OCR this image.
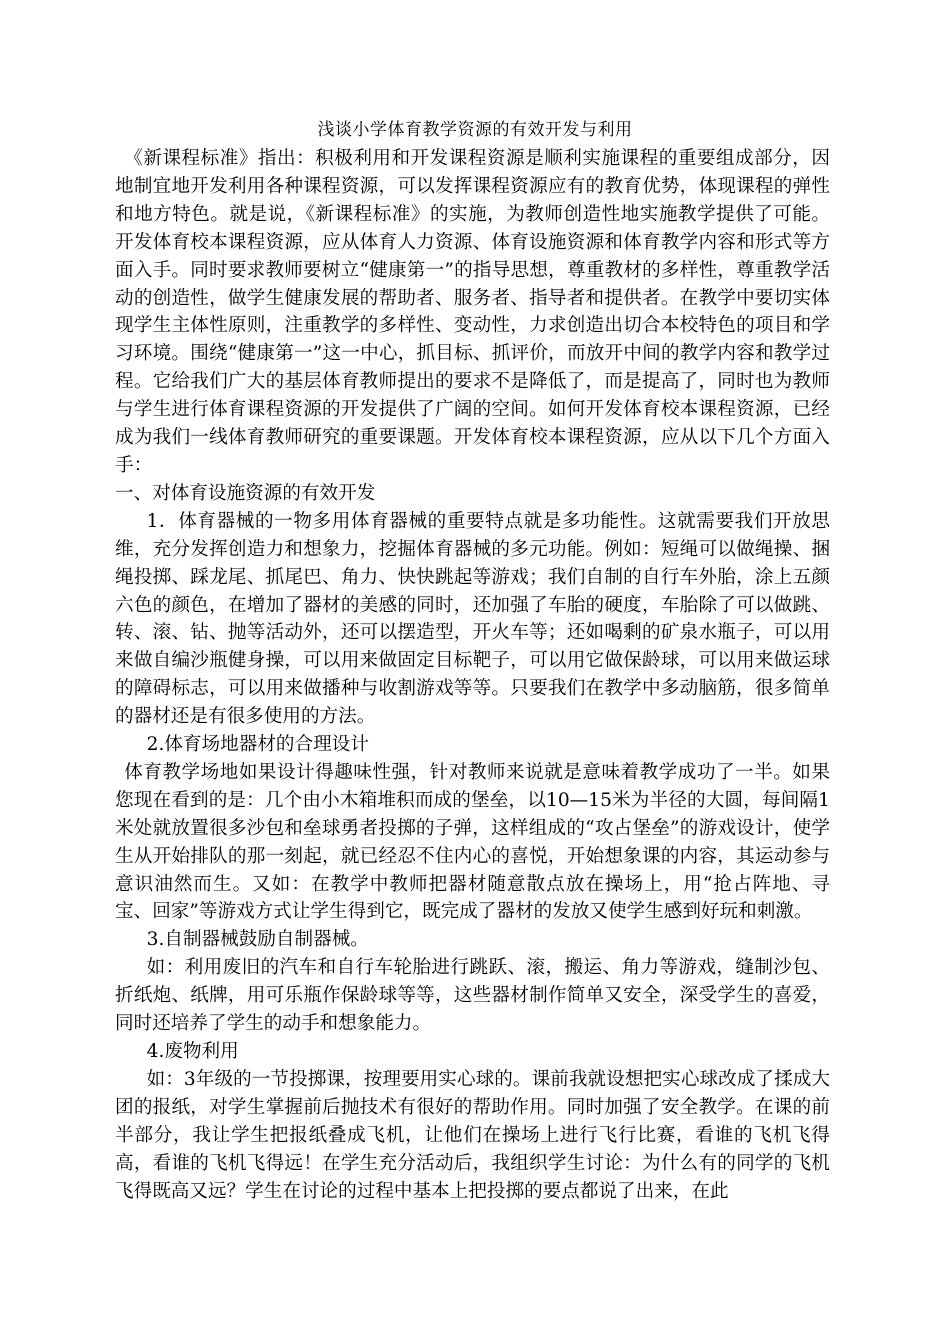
浅谈小学体育教学资源的有效开发与利用

《新课程标准》指出：积极利用和开发课程资源是顺利实施课程的重要组成部分，因地制宜地开发利用各种课程资源，可以发挥课程资源应有的教育优势，体现课程的弹性和地方特色。就是说，《新课程标准》的实施，为教师创造性地实施教学提供了可能。开发体育校本课程资源，应从体育人力资源、体育设施资源和体育教学内容和形式等方面入手。同时要求教师要树立“健康第一”的指导思想，尊重教材的多样性，尊重教学活动的创造性，做学生健康发展的帮助者、服务者、指导者和提供者。在教学中要切实体现学生主体性原则，注重教学的多样性、变动性，力求创造出切合本校特色的项目和学习环境。围绕“健康第一”这一中心，抓目标、抓评价，而放开中间的教学内容和教学过程。它给我们广大的基层体育教师提出的要求不是降低了，而是提高了，同时也为教师与学生进行体育课程资源的开发提供了广阔的空间。如何开发体育校本课程资源，已经成为我们一线体育教师研究的重要课题。开发体育校本课程资源，应从以下几个方面入手：

一、对体育设施资源的有效开发

1．体育器械的一物多用体育器械的重要特点就是多功能性。这就需要我们开放思维，充分发挥创造力和想象力，挖掘体育器械的多元功能。例如：短绳可以做绳操、捆绳投掷、踩龙尾、抓尾巴、角力、快快跳起等游戏；我们自制的自行车外胎，涂上五颜六色的颜色，在增加了器材的美感的同时，还加强了车胎的硬度，车胎除了可以做跳、转、滚、钻、抛等活动外，还可以摆造型，开火车等；还如喝剩的矿泉水瓶子，可以用来做自编沙瓶健身操，可以用来做固定目标靶子，可以用它做保龄球，可以用来做运球的障碍标志，可以用来做播种与收割游戏等等。只要我们在教学中多动脑筋，很多简单的器材还是有很多使用的方法。

2.体育场地器材的合理设计

体育教学场地如果设计得趣味性强，针对教师来说就是意味着教学成功了一半。如果您现在看到的是：几个由小木箱堆积而成的堡垒，以10—15米为半径的大圆，每间隔1米处就放置很多沙包和垒球勇者投掷的子弹，这样组成的“攻占堡垒”的游戏设计，使学生从开始排队的那一刻起，就已经忍不住内心的喜悦，开始想象课的内容，其运动参与意识油然而生。又如：在教学中教师把器材随意散点放在操场上，用“抢占阵地、寻宝、回家”等游戏方式让学生得到它，既完成了器材的发放又使学生感到好玩和刺激。

3.自制器械鼓励自制器械。

如：利用废旧的汽车和自行车轮胎进行跳跃、滚，搬运、角力等游戏，缝制沙包、折纸炮、纸牌，用可乐瓶作保龄球等等，这些器材制作简单又安全，深受学生的喜爱，同时还培养了学生的动手和想象能力。

4.废物利用

如：3年级的一节投掷课，按理要用实心球的。课前我就设想把实心球改成了揉成大团的报纸，对学生掌握前后抛技术有很好的帮助作用。同时加强了安全教学。在课的前半部分，我让学生把报纸叠成飞机，让他们在操场上进行飞行比赛，看谁的飞机飞得高，看谁的飞机飞得远！在学生充分活动后，我组织学生讨论：为什么有的同学的飞机飞得既高又远？学生在讨论的过程中基本上把投掷的要点都说了出来，在此
